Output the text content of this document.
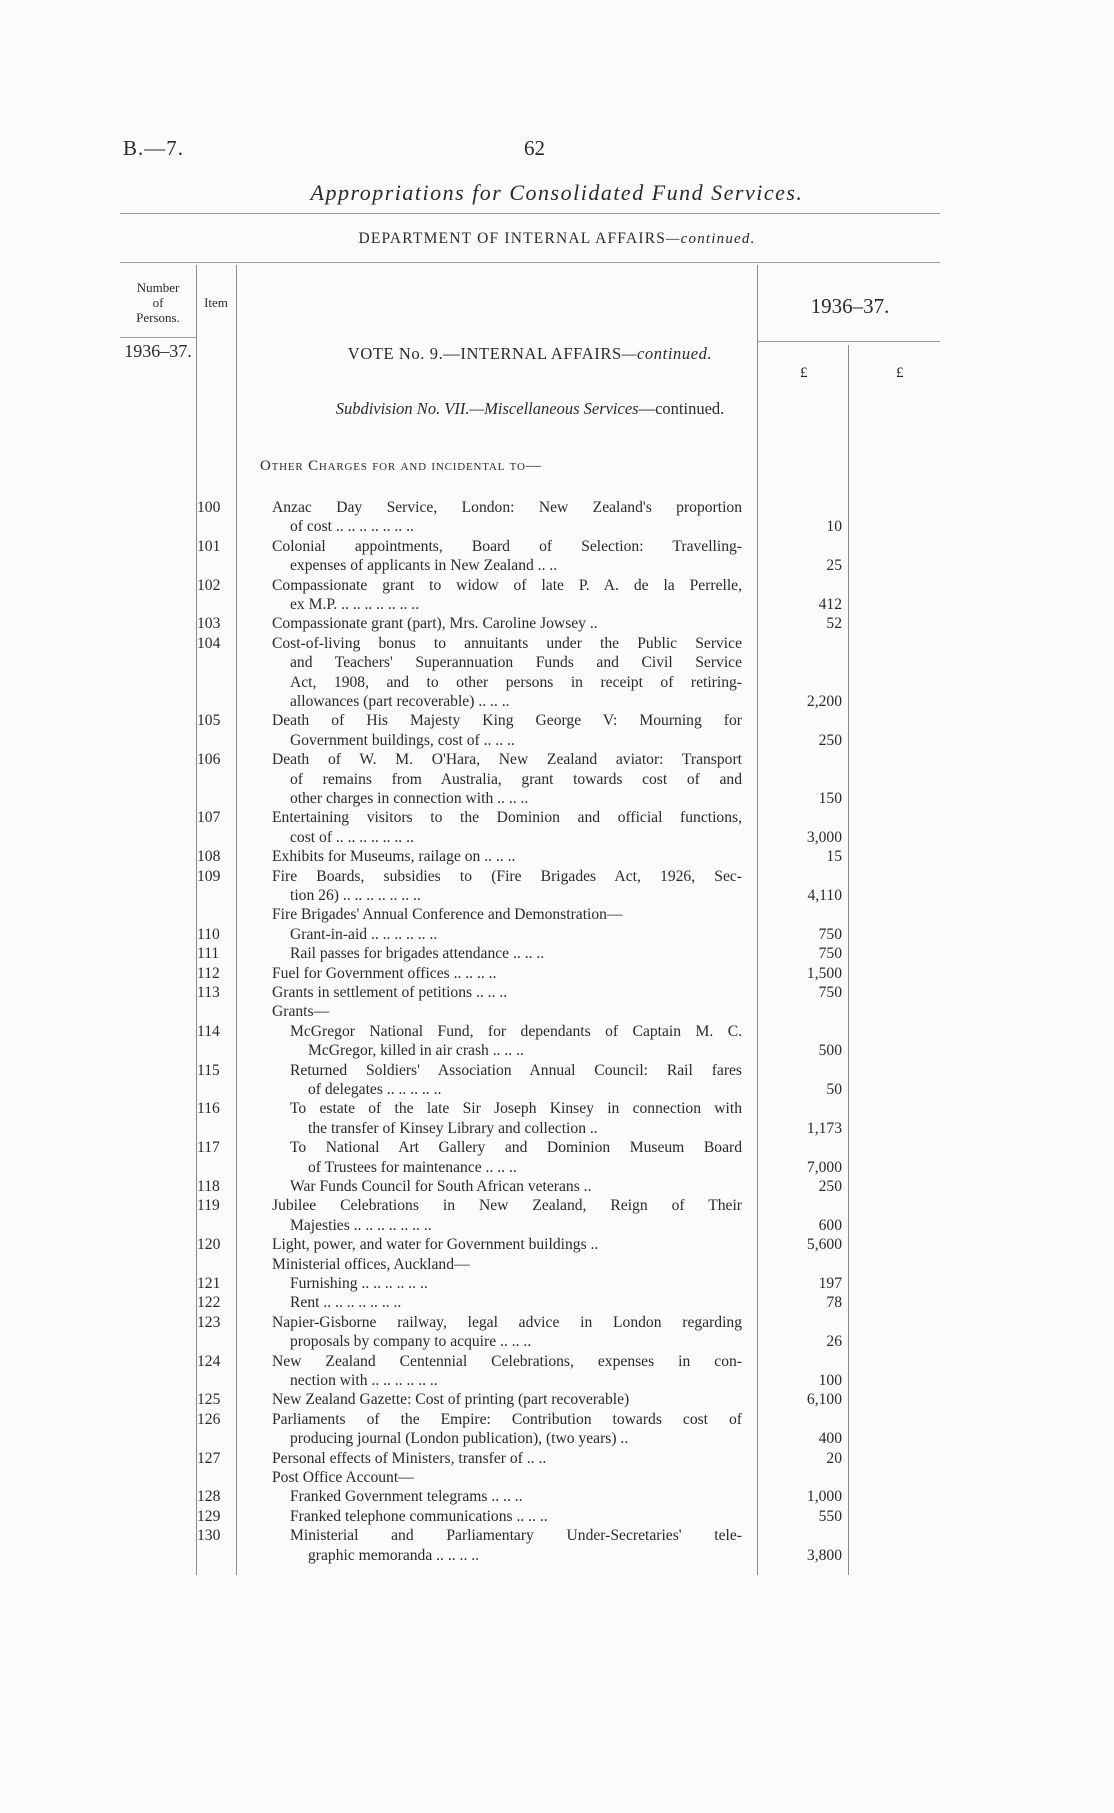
B.—7.	62
Appropriations for Consolidated Fund Services.
DEPARTMENT OF INTERNAL AFFAIRS—continued.
Number
of
Persons.
Item	1936–37.
1936–37.	VOTE No. 9.—INTERNAL AFFAIRS—continued.
£	£
Subdivision No. VII.—Miscellaneous Services—continued.
Other Charges for and incidental to—
100	Anzac Day Service, London: New Zealand's proportion
of cost .. .. .. .. .. .. ..	10
101	Colonial appointments, Board of Selection: Travelling-
expenses of applicants in New Zealand .. ..	25
102	Compassionate grant to widow of late P. A. de la Perrelle,
ex M.P. .. .. .. .. .. .. ..	412
103	Compassionate grant (part), Mrs. Caroline Jowsey ..	52
104	Cost-of-living bonus to annuitants under the Public Service
and Teachers' Superannuation Funds and Civil Service
Act, 1908, and to other persons in receipt of retiring-
allowances (part recoverable) .. .. ..	2,200
105	Death of His Majesty King George V: Mourning for
Government buildings, cost of .. .. ..	250
106	Death of W. M. O'Hara, New Zealand aviator: Transport
of remains from Australia, grant towards cost of and
other charges in connection with .. .. ..	150
107	Entertaining visitors to the Dominion and official functions,
cost of .. .. .. .. .. .. ..	3,000
108	Exhibits for Museums, railage on .. .. ..	15
109	Fire Boards, subsidies to (Fire Brigades Act, 1926, Sec-
tion 26) .. .. .. .. .. .. ..	4,110
Fire Brigades' Annual Conference and Demonstration—
110	Grant-in-aid .. .. .. .. .. ..	750
111	Rail passes for brigades attendance .. .. ..	750
112	Fuel for Government offices .. .. .. ..	1,500
113	Grants in settlement of petitions .. .. ..	750
Grants—
114	McGregor National Fund, for dependants of Captain M. C.
McGregor, killed in air crash .. .. ..	500
115	Returned Soldiers' Association Annual Council: Rail fares
of delegates .. .. .. .. ..	50
116	To estate of the late Sir Joseph Kinsey in connection with
the transfer of Kinsey Library and collection ..	1,173
117	To National Art Gallery and Dominion Museum Board
of Trustees for maintenance .. .. ..	7,000
118	War Funds Council for South African veterans ..	250
119	Jubilee Celebrations in New Zealand, Reign of Their
Majesties .. .. .. .. .. .. ..	600
120	Light, power, and water for Government buildings ..	5,600
Ministerial offices, Auckland—
121	Furnishing .. .. .. .. .. ..	197
122	Rent .. .. .. .. .. .. ..	78
123	Napier-Gisborne railway, legal advice in London regarding
proposals by company to acquire .. .. ..	26
124	New Zealand Centennial Celebrations, expenses in con-
nection with .. .. .. .. .. ..	100
125	New Zealand Gazette: Cost of printing (part recoverable)	6,100
126	Parliaments of the Empire: Contribution towards cost of
producing journal (London publication), (two years) ..	400
127	Personal effects of Ministers, transfer of .. ..	20
Post Office Account—
128	Franked Government telegrams .. .. ..	1,000
129	Franked telephone communications .. .. ..	550
130	Ministerial and Parliamentary Under-Secretaries' tele-
graphic memoranda .. .. .. ..	3,800
